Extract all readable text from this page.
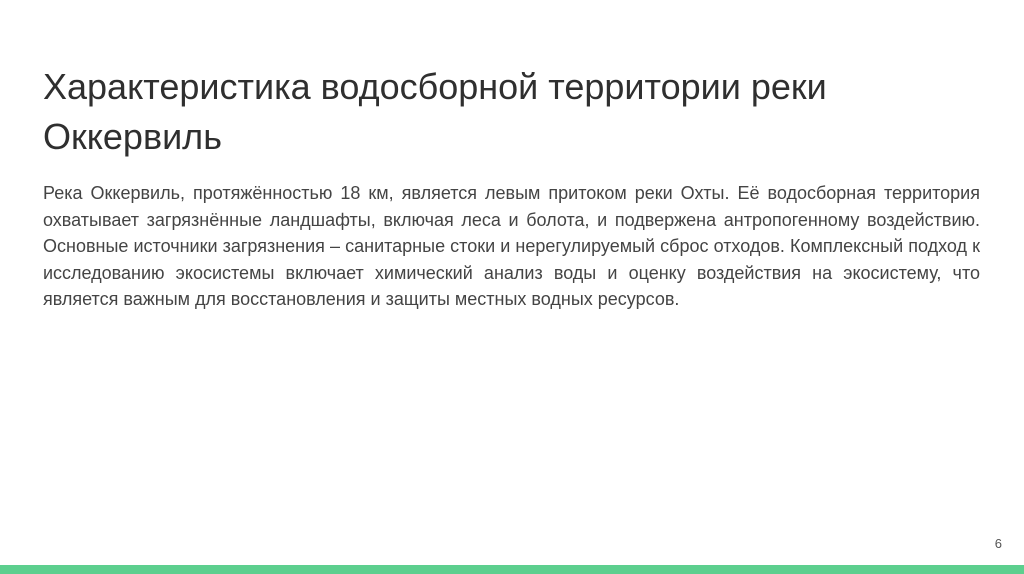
Характеристика водосборной территории реки Оккервиль

Река Оккервиль, протяжённостью 18 км, является левым притоком реки Охты. Её водосборная территория охватывает загрязнённые ландшафты, включая леса и болота, и подвержена антропогенному воздействию. Основные источники загрязнения – санитарные стоки и нерегулируемый сброс отходов. Комплексный подход к исследованию экосистемы включает химический анализ воды и оценку воздействия на экосистему, что является важным для восстановления и защиты местных водных ресурсов.

6
